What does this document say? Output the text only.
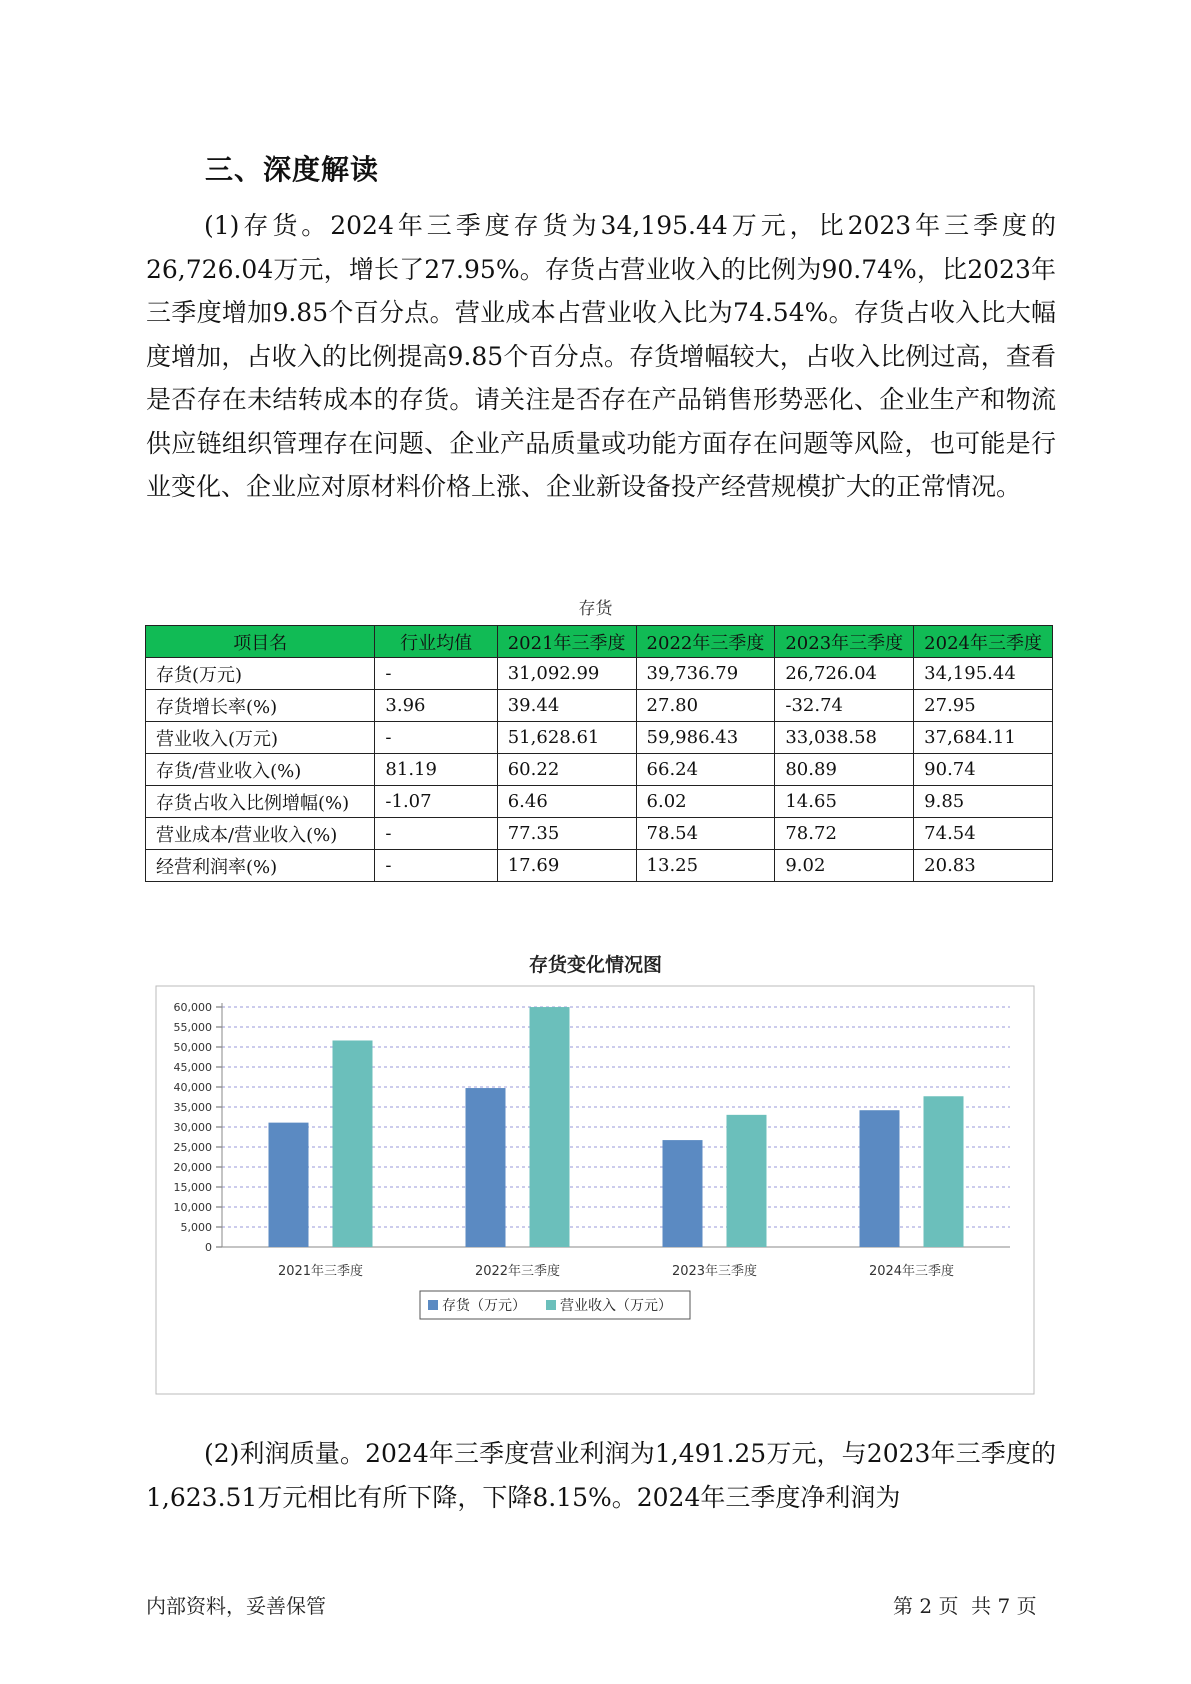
三、深度解读

(1)存货。2024年三季度存货为34,195.44万元，比2023年三季度的26,726.04万元，增长了27.95%。存货占营业收入的比例为90.74%，比2023年三季度增加9.85个百分点。营业成本占营业收入比为74.54%。存货占收入比大幅度增加，占收入的比例提高9.85个百分点。存货增幅较大，占收入比例过高，查看是否存在未结转成本的存货。请关注是否存在产品销售形势恶化、企业生产和物流供应链组织管理存在问题、企业产品质量或功能方面存在问题等风险，也可能是行业变化、企业应对原材料价格上涨、企业新设备投产经营规模扩大的正常情况。

存货
项目名	行业均值	2021年三季度	2022年三季度	2023年三季度	2024年三季度
存货(万元)	-	31,092.99	39,736.79	26,726.04	34,195.44
存货增长率(%)	3.96	39.44	27.80	-32.74	27.95
营业收入(万元)	-	51,628.61	59,986.43	33,038.58	37,684.11
存货/营业收入(%)	81.19	60.22	66.24	80.89	90.74
存货占收入比例增幅(%)	-1.07	6.46	6.02	14.65	9.85
营业成本/营业收入(%)	-	77.35	78.54	78.72	74.54
经营利润率(%)	-	17.69	13.25	9.02	20.83
存货变化情况图
0
5,000
10,000
15,000
20,000
25,000
30,000
35,000
40,000
45,000
50,000
55,000
60,000
2021年三季度	2022年三季度	2023年三季度	2024年三季度
存货（万元） 营业收入（万元）

(2)利润质量。2024年三季度营业利润为1,491.25万元，与2023年三季度的1,623.51万元相比有所下降，下降8.15%。2024年三季度净利润为

内部资料，妥善保管	第 2 页  共 7 页
